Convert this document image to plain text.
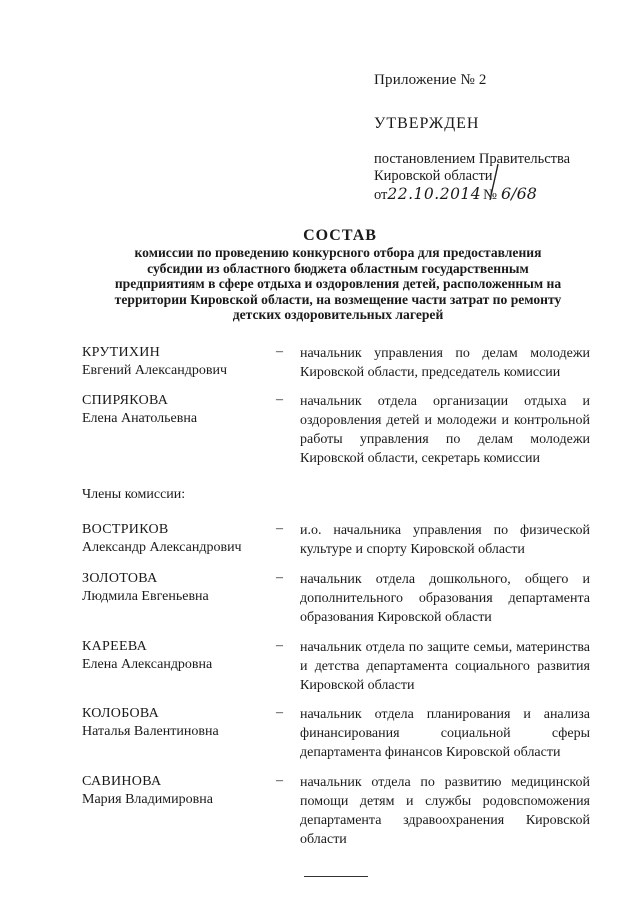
Приложение № 2
УТВЕРЖДЕН
постановлением Правительства
Кировской области
от 22.10.2014 № 6/68
СОСТАВ
комиссии по проведению конкурсного отбора для предоставления
субсидии из областного бюджета областным государственным
предприятиям в сфере отдыха и оздоровления детей, расположенным на
территории Кировской области, на возмещение части затрат по ремонту
детских оздоровительных лагерей
КРУТИХИН
Евгений Александрович
– начальник управления по делам молодежи Кировской области, председатель комиссии
СПИРЯКОВА
Елена Анатольевна
– начальник отдела организации отдыха и оздоровления детей и молодежи и контрольной работы управления по делам молодежи Кировской области, секретарь комиссии
Члены комиссии:
ВОСТРИКОВ
Александр Александрович
– и.о. начальника управления по физической культуре и спорту Кировской области
ЗОЛОТОВА
Людмила Евгеньевна
– начальник отдела дошкольного, общего и дополнительного образования департамента образования Кировской области
КАРЕЕВА
Елена Александровна
– начальник отдела по защите семьи, материнства и детства департамента социального развития Кировской области
КОЛОБОВА
Наталья Валентиновна
– начальник отдела планирования и анализа финансирования социальной сферы департамента финансов Кировской области
САВИНОВА
Мария Владимировна
– начальник отдела по развитию медицинской помощи детям и службы родовспоможения департамента здравоохранения Кировской области
